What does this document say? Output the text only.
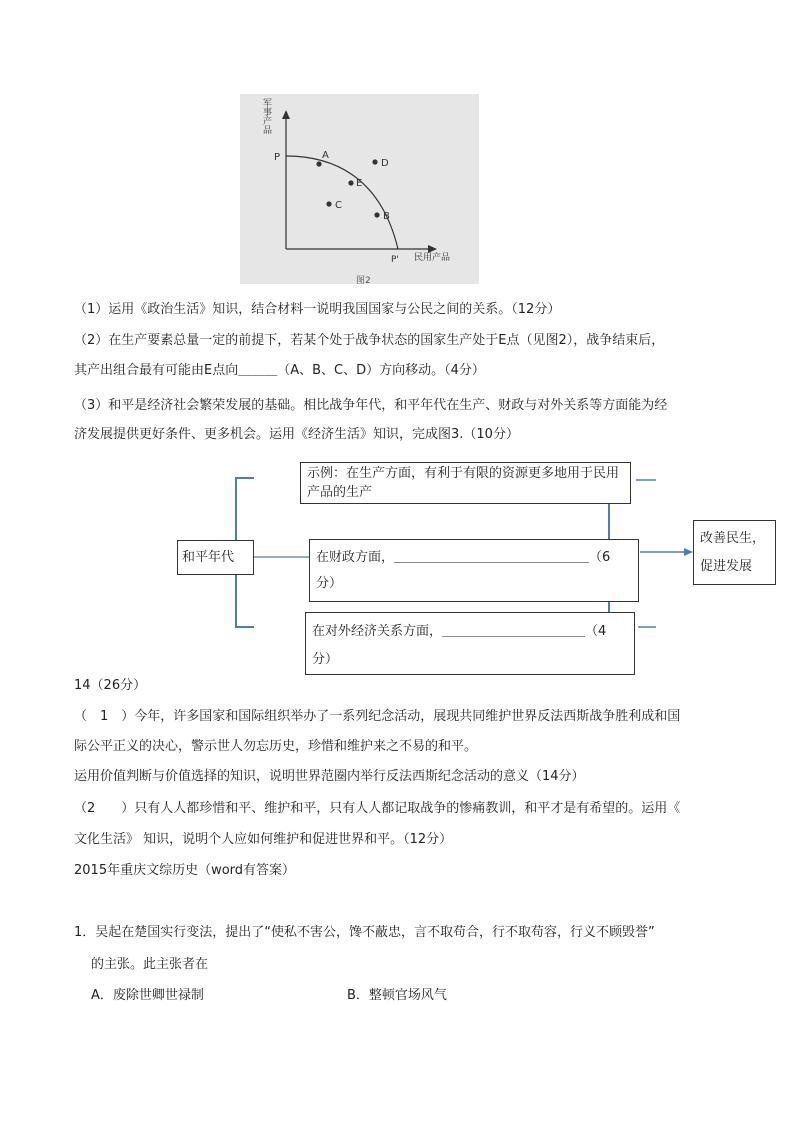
P	A
E
B
C
D
民用产品
P'
图2
军事产品
（1）运用《政治生活》知识，结合材料一说明我国国家与公民之间的关系。（12分）
（2）在生产要素总量一定的前提下，若某个处于战争状态的国家生产处于E点（见图2），战争结束后，
其产出组合最有可能由E点向＿＿＿（A、B、C、D）方向移动。（4分）
（3）和平是经济社会繁荣发展的基础。相比战争年代，和平年代在生产、财政与对外关系等方面能为经
济发展提供更好条件、更多机会。运用《经济生活》知识，完成图3.（10分）
和平年代
示例：在生产方面，有利于有限的资源更多地用于民用产品的生产
在财政方面，＿＿＿＿＿＿＿＿＿＿＿＿＿＿＿（6
分）
在对外经济关系方面，＿＿＿＿＿＿＿＿＿＿＿（4
分）
改善民生，
促进发展
14（26分）
（　1　）今年，许多国家和国际组织举办了一系列纪念活动，展现共同维护世界反法西斯战争胜利成和国
际公平正义的决心，警示世人勿忘历史，珍惜和维护来之不易的和平。
运用价值判断与价值选择的知识，说明世界范圈内举行反法西斯纪念活动的意义（14分）
（2　　）只有人人都珍惜和平、维护和平，只有人人都记取战争的惨痛教训，和平才是有希望的。运用《
文化生活》 知识，说明个人应如何维护和促进世界和平。（12分）
2015年重庆文综历史（word有答案）
1．吴起在楚国实行变法，提出了“使私不害公，馋不蔽忠，言不取苟合，行不取苟容，行义不顾毁誉”
的主张。此主张者在
A．废除世卿世禄制	B．整顿官场风气
